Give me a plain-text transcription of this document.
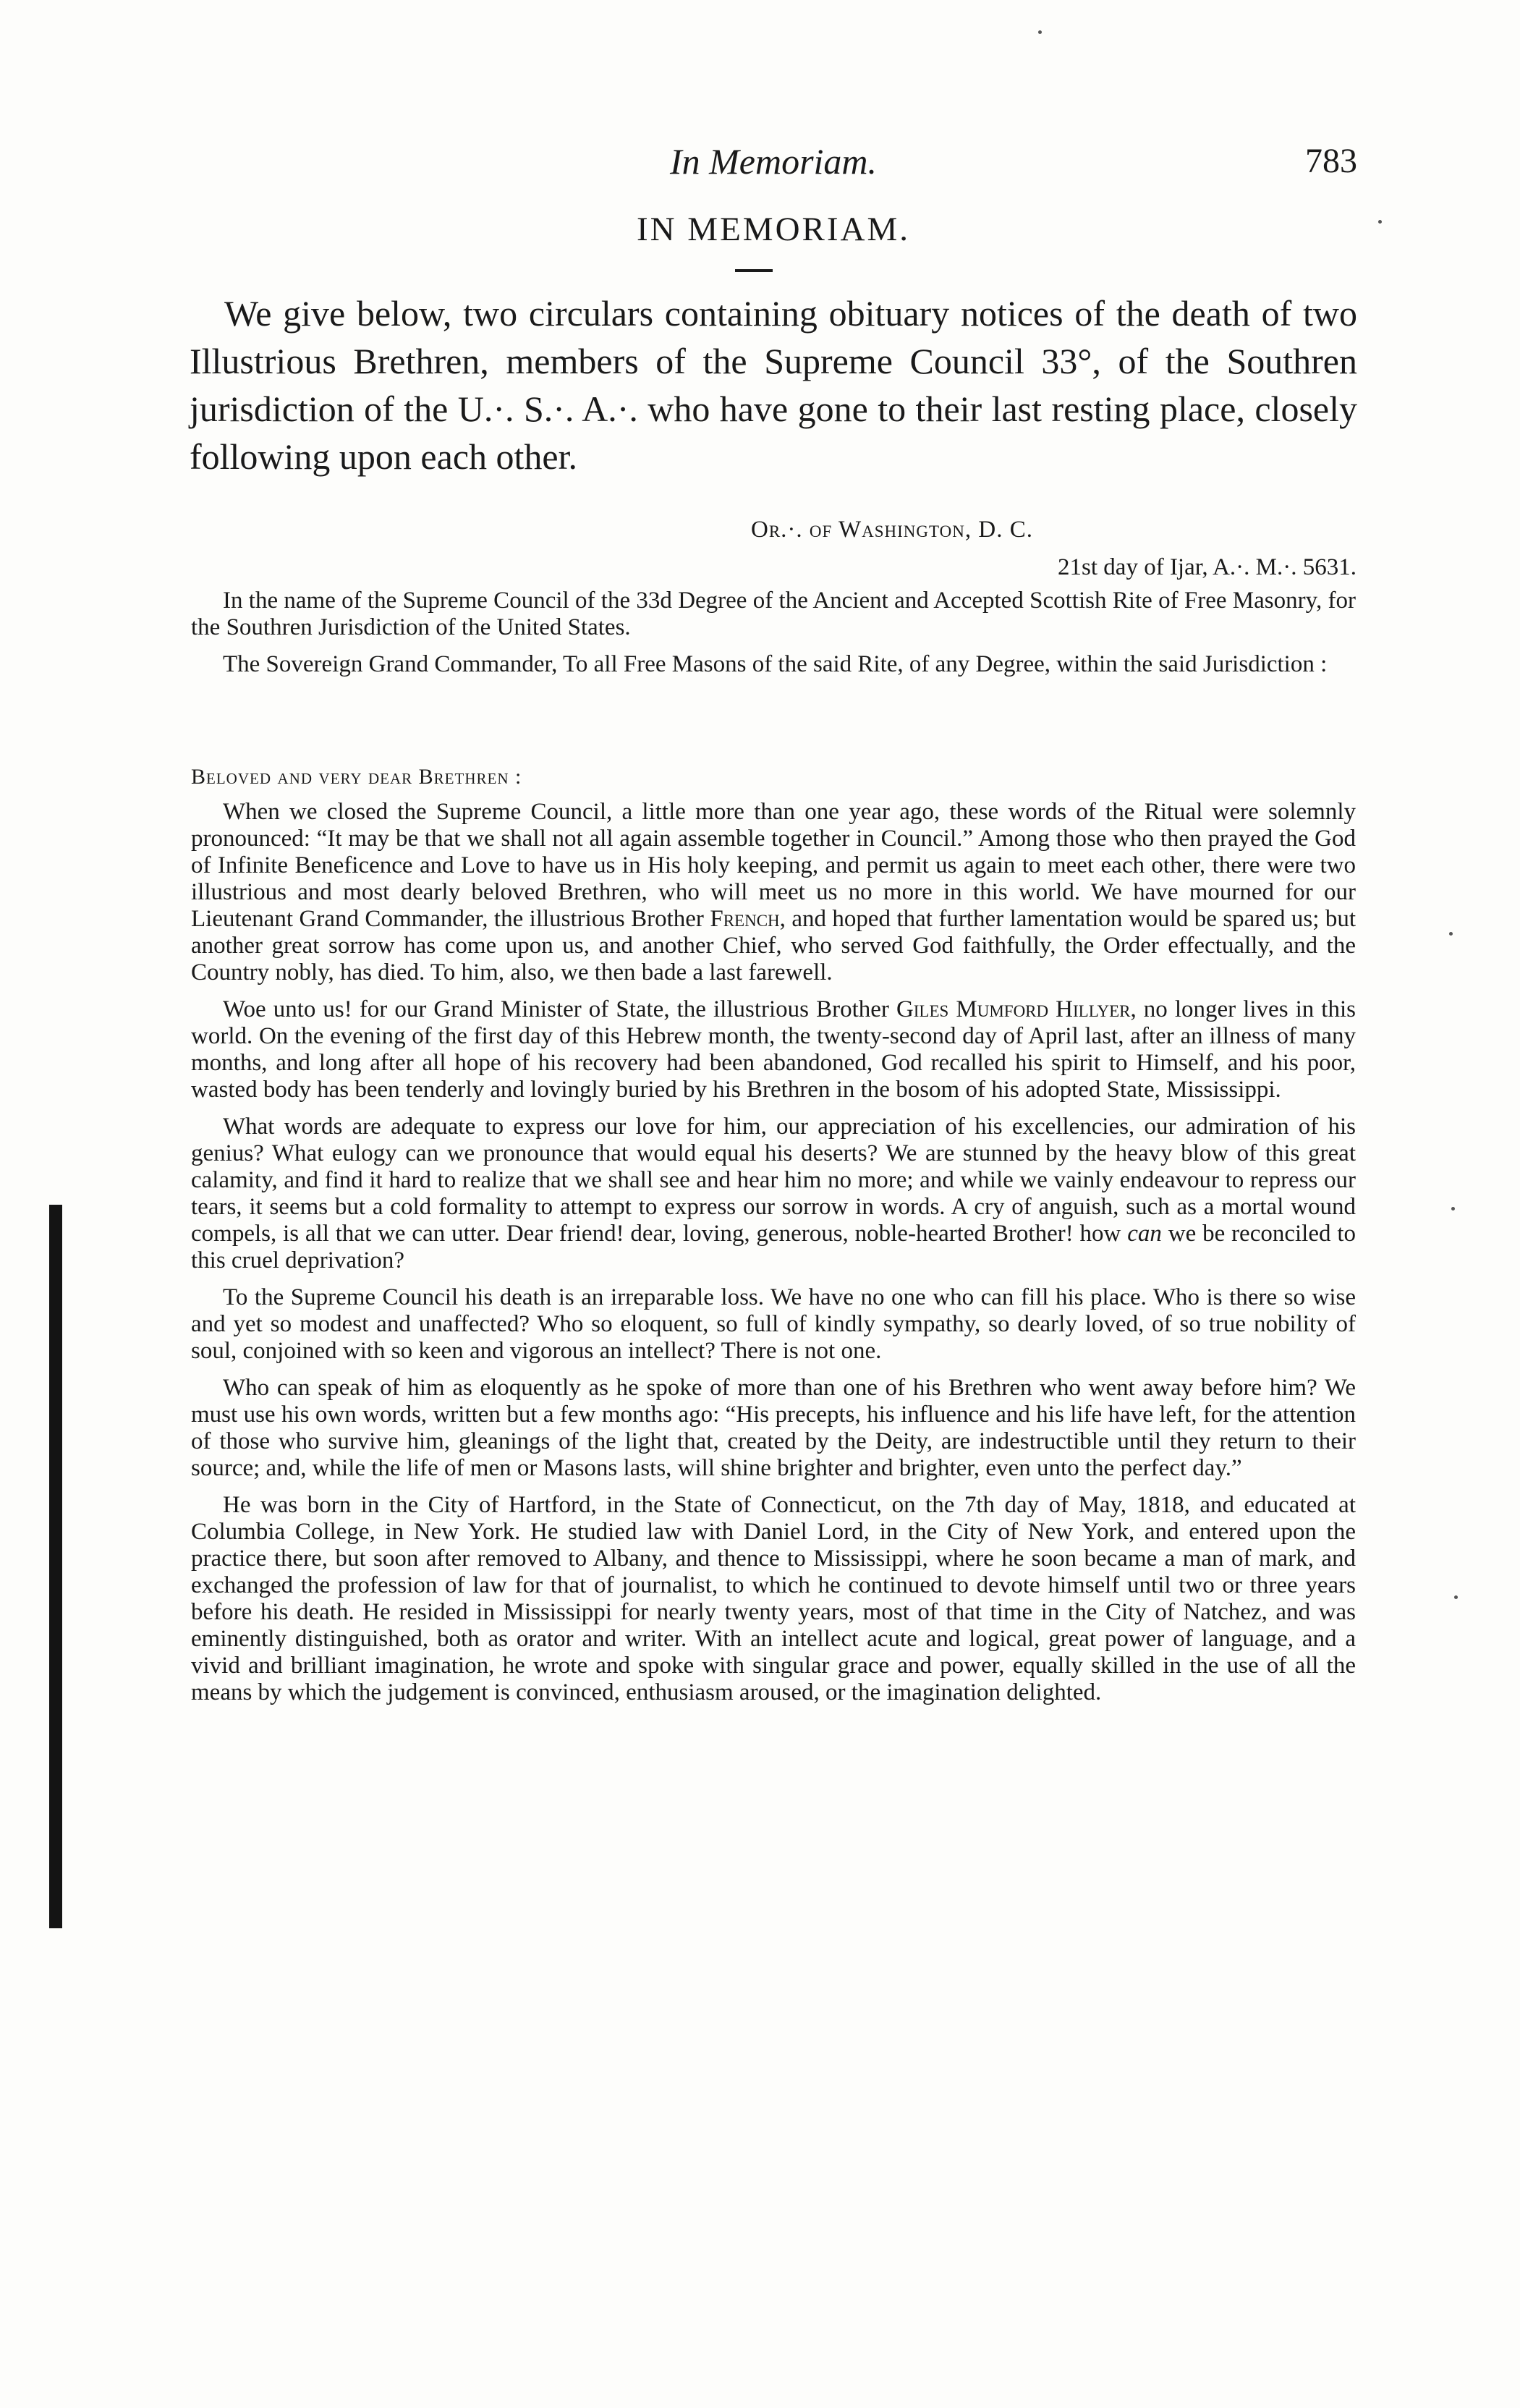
In Memoriam.	783
IN MEMORIAM.

We give below, two circulars containing obituary notices of the death of two Illustrious Brethren, members of the Supreme Council 33°, of the Southren jurisdiction of the U.·. S.·. A.·. who have gone to their last resting place, closely following upon each other.

Or.·. of Washington, D. C.
21st day of Ijar, A.·. M.·. 5631.

In the name of the Supreme Council of the 33d Degree of the Ancient and Accepted Scottish Rite of Free Masonry, for the Southren Jurisdiction of the United States.

The Sovereign Grand Commander, To all Free Masons of the said Rite, of any Degree, within the said Jurisdiction :

Beloved and very dear Brethren :

When we closed the Supreme Council, a little more than one year ago, these words of the Ritual were solemnly pronounced: “It may be that we shall not all again assemble together in Council.” Among those who then prayed the God of Infinite Beneficence and Love to have us in His holy keeping, and permit us again to meet each other, there were two illustrious and most dearly beloved Brethren, who will meet us no more in this world. We have mourned for our Lieutenant Grand Commander, the illustrious Brother French, and hoped that further lamentation would be spared us; but another great sorrow has come upon us, and another Chief, who served God faithfully, the Order effectually, and the Country nobly, has died. To him, also, we then bade a last farewell.

Woe unto us! for our Grand Minister of State, the illustrious Brother Giles Mumford Hillyer, no longer lives in this world. On the evening of the first day of this Hebrew month, the twenty-second day of April last, after an illness of many months, and long after all hope of his recovery had been abandoned, God recalled his spirit to Himself, and his poor, wasted body has been tenderly and lovingly buried by his Brethren in the bosom of his adopted State, Mississippi.

What words are adequate to express our love for him, our appreciation of his excellencies, our admiration of his genius? What eulogy can we pronounce that would equal his deserts? We are stunned by the heavy blow of this great calamity, and find it hard to realize that we shall see and hear him no more; and while we vainly endeavour to repress our tears, it seems but a cold formality to attempt to express our sorrow in words. A cry of anguish, such as a mortal wound compels, is all that we can utter. Dear friend! dear, loving, generous, noble-hearted Brother! how can we be reconciled to this cruel deprivation?

To the Supreme Council his death is an irreparable loss. We have no one who can fill his place. Who is there so wise and yet so modest and unaffected? Who so eloquent, so full of kindly sympathy, so dearly loved, of so true nobility of soul, conjoined with so keen and vigorous an intellect? There is not one.

Who can speak of him as eloquently as he spoke of more than one of his Brethren who went away before him? We must use his own words, written but a few months ago: “His precepts, his influence and his life have left, for the attention of those who survive him, gleanings of the light that, created by the Deity, are indestructible until they return to their source; and, while the life of men or Masons lasts, will shine brighter and brighter, even unto the perfect day.”

He was born in the City of Hartford, in the State of Connecticut, on the 7th day of May, 1818, and educated at Columbia College, in New York. He studied law with Daniel Lord, in the City of New York, and entered upon the practice there, but soon after removed to Albany, and thence to Mississippi, where he soon became a man of mark, and exchanged the profession of law for that of journalist, to which he continued to devote himself until two or three years before his death. He resided in Mississippi for nearly twenty years, most of that time in the City of Natchez, and was eminently distinguished, both as orator and writer. With an intellect acute and logical, great power of language, and a vivid and brilliant imagination, he wrote and spoke with singular grace and power, equally skilled in the use of all the means by which the judgement is convinced, enthusiasm aroused, or the imagination delighted.
